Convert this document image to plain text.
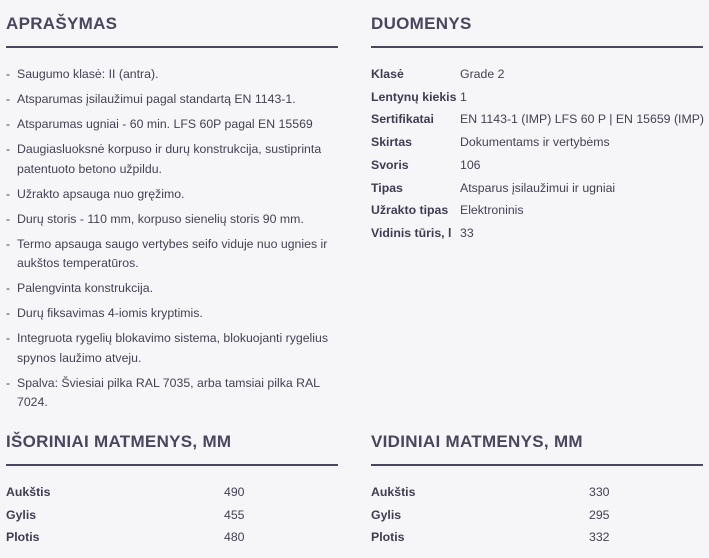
APRAŠYMAS
- Saugumo klasė: II (antra).
- Atsparumas įsilaužimui pagal standartą EN 1143-1.
- Atsparumas ugniai - 60 min. LFS 60P pagal EN 15569
- Daugiasluoksnė korpuso ir durų konstrukcija, sustiprinta patentuoto betono užpildu.
- Užrakto apsauga nuo gręžimo.
- Durų storis - 110 mm, korpuso sienelių storis 90 mm.
- Termo apsauga saugo vertybes seifo viduje nuo ugnies ir aukštos temperatūros.
- Palengvinta konstrukcija.
- Durų fiksavimas 4-iomis kryptimis.
- Integruota rygelių blokavimo sistema, blokuojanti rygelius spynos laužimo atveju.
- Spalva: Šviesiai pilka RAL 7035, arba tamsiai pilka RAL 7024.
DUOMENYS
Klasė	Grade 2
Lentynų kiekis 1
Sertifikatai EN 1143-1 (IMP) LFS 60 P | EN 15659 (IMP)
Skirtas	Dokumentams ir vertybėms
Svoris	106
Tipas	Atsparus įsilaužimui ir ugniai
Užrakto tipas Elektroninis
Vidinis tūris, l 33
IŠORINIAI MATMENYS, MM
Aukštis	490
Gylis	455
Plotis	480
VIDINIAI MATMENYS, MM
Aukštis	330
Gylis	295
Plotis	332
